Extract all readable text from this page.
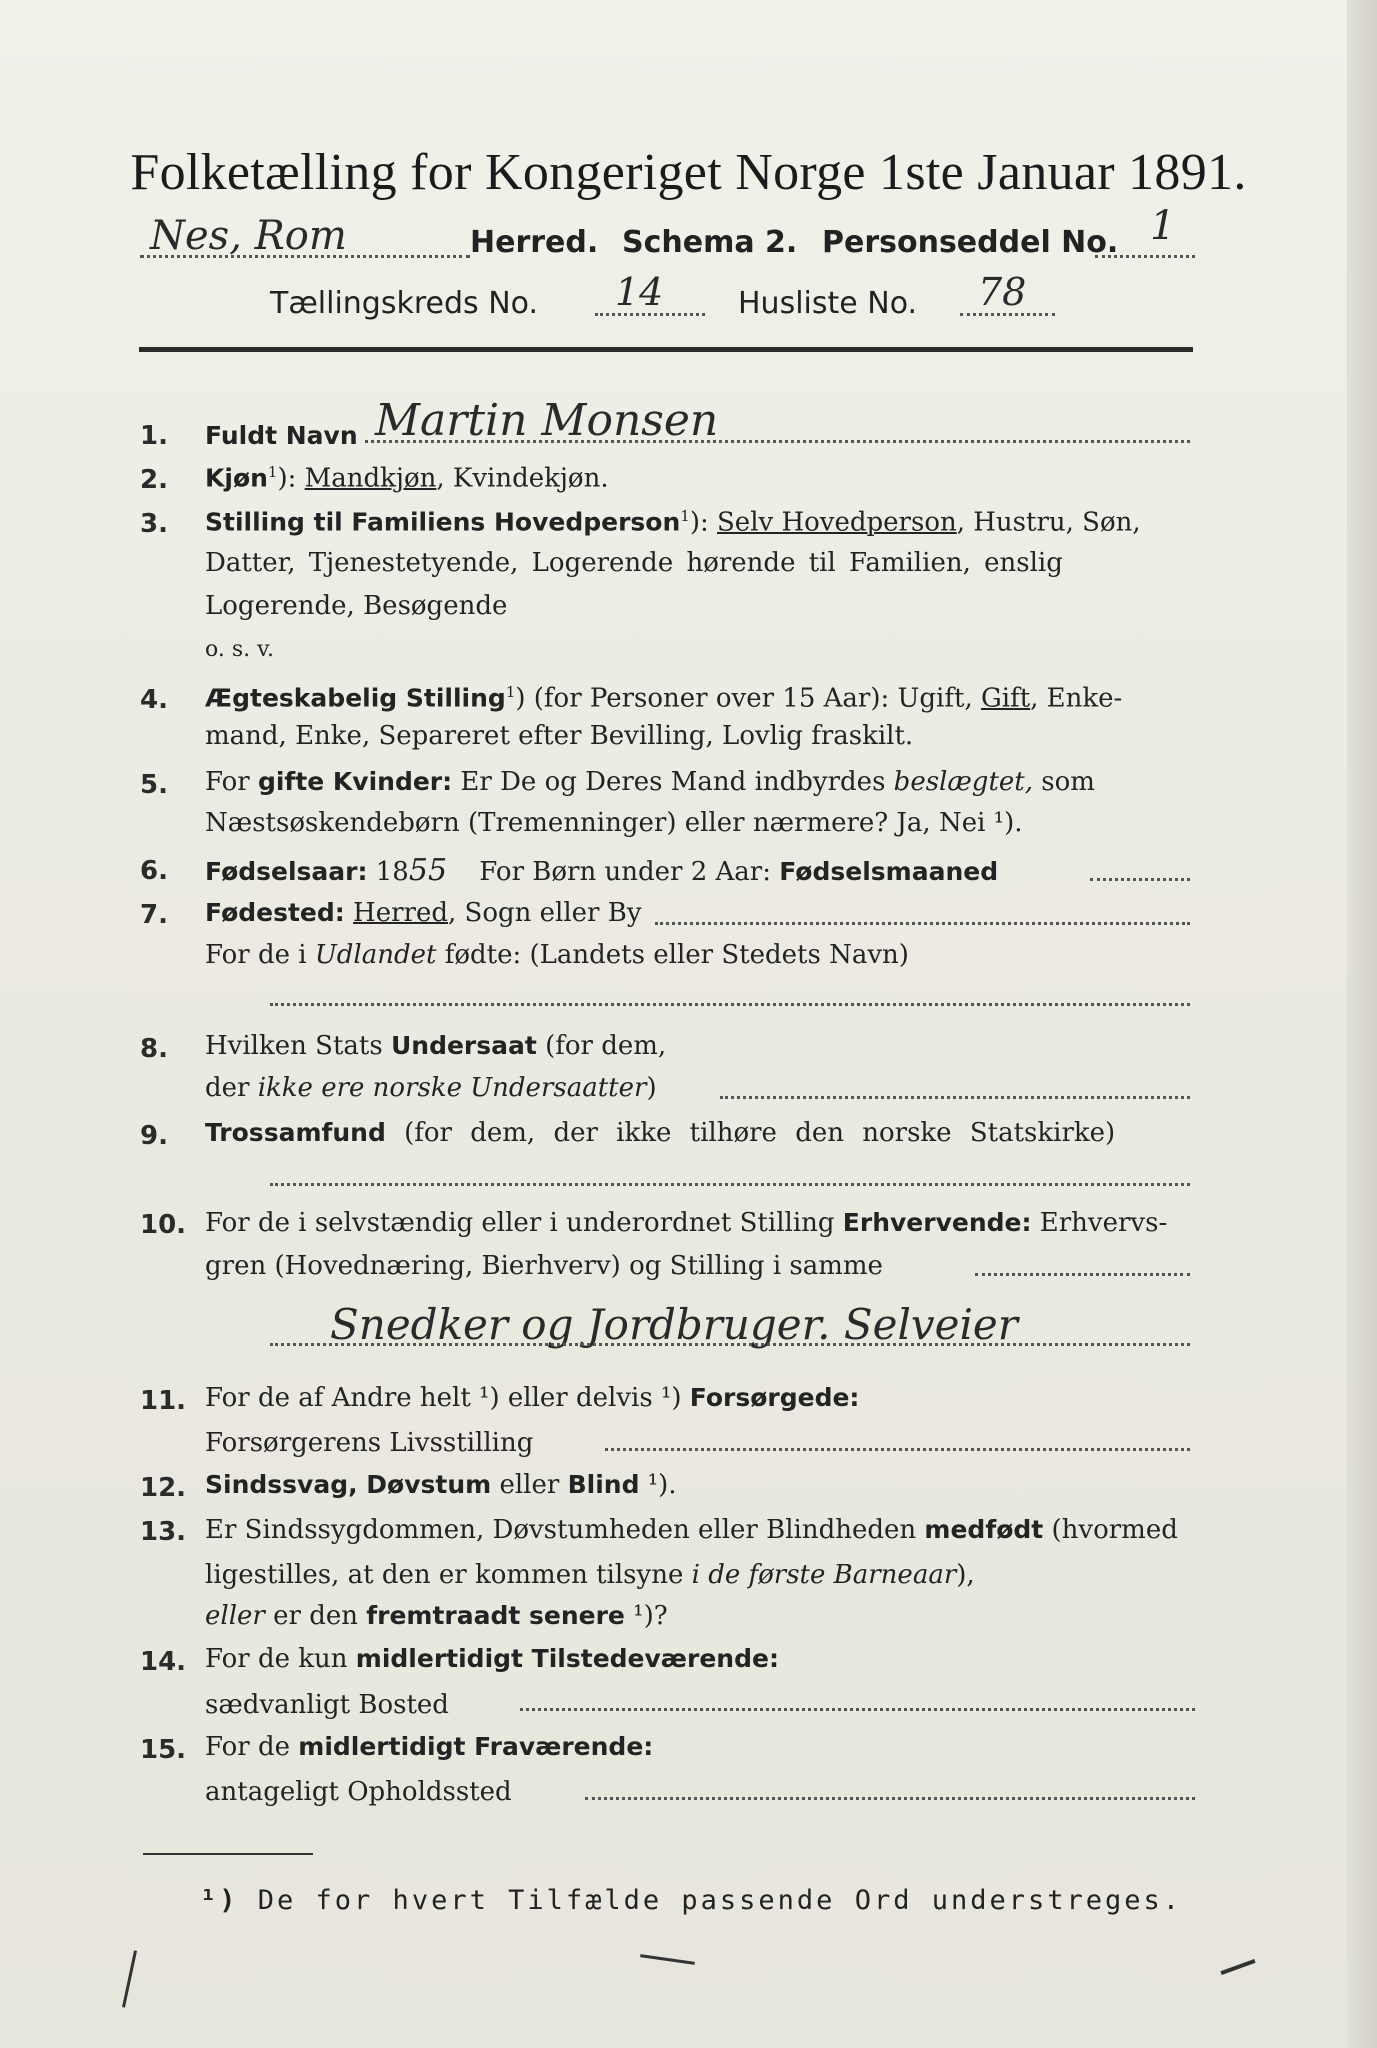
Folketælling for Kongeriget Norge 1ste Januar 1891.
Nes, Rom	Herred. Schema 2. Personseddel No. 1
Tællingskreds No. 14 Husliste No. 78
1. Fuldt Navn Martin Monsen
2. Kjøn$^1$): Mandkjøn, Kvindekjøn.
3. Stilling til Familiens Hovedperson$^1$): Selv Hovedperson, Hustru, Søn,
Datter, Tjenestetyende, Logerende hørende til Familien, enslig
Logerende, Besøgende
o. s. v.
4. Ægteskabelig Stilling$^1$) (for Personer over 15 Aar): Ugift, Gift, Enke-
mand, Enke, Separeret efter Bevilling, Lovlig fraskilt.
5. For gifte Kvinder: Er De og Deres Mand indbyrdes beslægtet, som
Næstsøskendebørn (Tremenninger) eller nærmere? Ja, Nei ¹).
6. Fødselsaar: 1855 For Børn under 2 Aar: Fødselsmaaned
7. Fødested: Herred, Sogn eller By
For de i Udlandet fødte: (Landets eller Stedets Navn)
8. Hvilken Stats Undersaat (for dem,
der ikke ere norske Undersaatter)
9. Trossamfund (for dem, der ikke tilhøre den norske Statskirke)
10. For de i selvstændig eller i underordnet Stilling Erhvervende: Erhvervs-
gren (Hovednæring, Bierhverv) og Stilling i samme
Snedker og Jordbruger. Selveier
11. For de af Andre helt ¹) eller delvis ¹) Forsørgede:
Forsørgerens Livsstilling
12. Sindssvag, Døvstum eller Blind ¹).
13. Er Sindssygdommen, Døvstumheden eller Blindheden medfødt (hvormed
ligestilles, at den er kommen tilsyne i de første Barneaar),
eller er den fremtraadt senere ¹)?
14. For de kun midlertidigt Tilstedeværende:
sædvanligt Bosted
15. For de midlertidigt Fraværende:
antageligt Opholdssted
¹) De for hvert Tilfælde passende Ord understreges.
